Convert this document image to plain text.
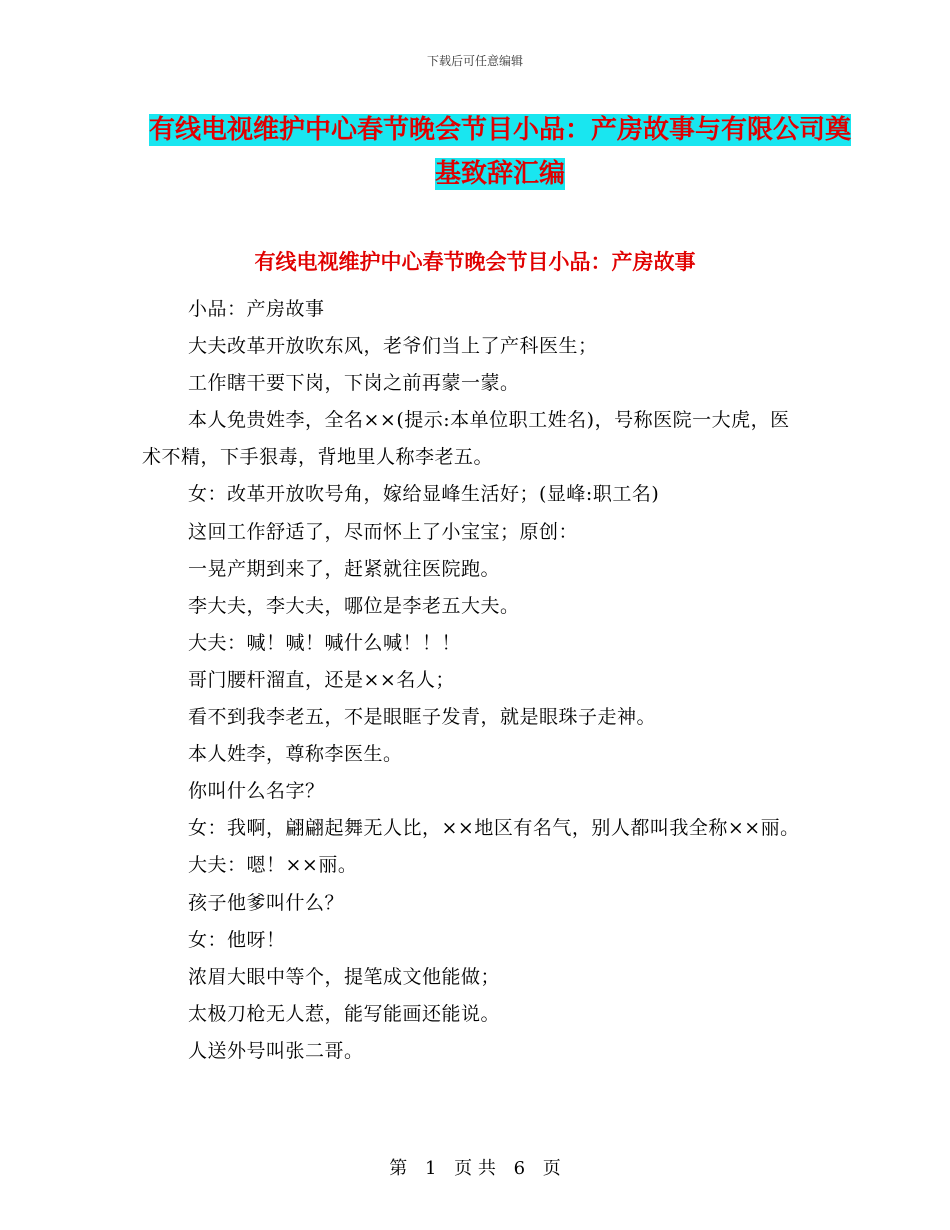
下载后可任意编辑
有线电视维护中心春节晚会节目小品：产房故事与有限公司奠基致辞汇编
有线电视维护中心春节晚会节目小品：产房故事

小品：产房故事

大夫改革开放吹东风，老爷们当上了产科医生；

工作瞎干要下岗，下岗之前再蒙一蒙。

本人免贵姓李，全名××(提示:本单位职工姓名)，号称医院一大虎，医术不精，下手狠毒，背地里人称李老五。

女：改革开放吹号角，嫁给显峰生活好；(显峰:职工名)

这回工作舒适了，尽而怀上了小宝宝；原创：

一晃产期到来了，赶紧就往医院跑。

李大夫，李大夫，哪位是李老五大夫。

大夫：喊！喊！喊什么喊！！！

哥门腰杆溜直，还是××名人；

看不到我李老五，不是眼眶子发青，就是眼珠子走神。

本人姓李，尊称李医生。

你叫什么名字？

女：我啊，翩翩起舞无人比，××地区有名气，别人都叫我全称××丽。

大夫：嗯！××丽。

孩子他爹叫什么？

女：他呀！

浓眉大眼中等个，提笔成文他能做；

太极刀枪无人惹，能写能画还能说。

人送外号叫张二哥。

第 1 页 共 6 页
